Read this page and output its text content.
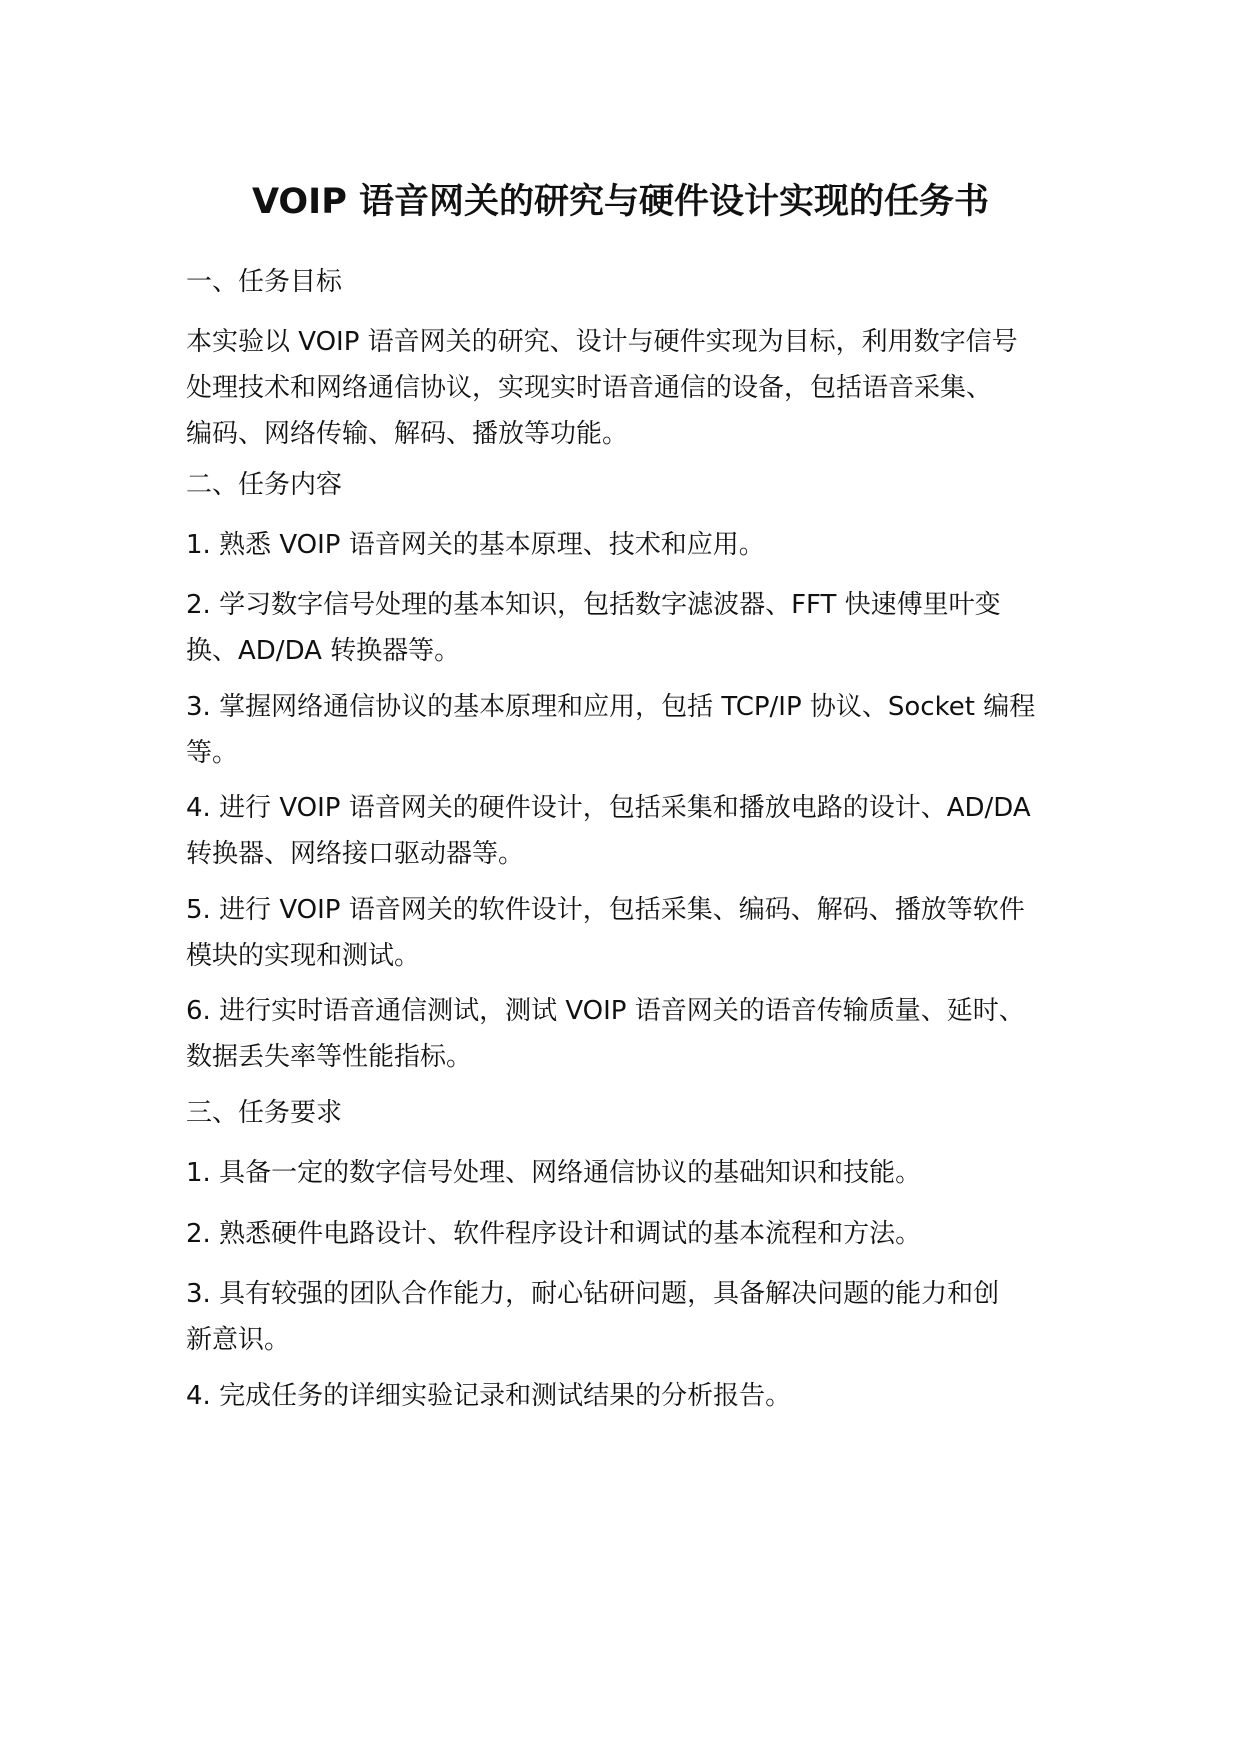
VOIP 语音网关的研究与硬件设计实现的任务书

一、任务目标

本实验以 VOIP 语音网关的研究、设计与硬件实现为目标，利用数字信号
处理技术和网络通信协议，实现实时语音通信的设备，包括语音采集、
编码、网络传输、解码、播放等功能。

二、任务内容

1. 熟悉 VOIP 语音网关的基本原理、技术和应用。

2. 学习数字信号处理的基本知识，包括数字滤波器、FFT 快速傅里叶变
换、AD/DA 转换器等。

3. 掌握网络通信协议的基本原理和应用，包括 TCP/IP 协议、Socket 编程
等。

4. 进行 VOIP 语音网关的硬件设计，包括采集和播放电路的设计、AD/DA
转换器、网络接口驱动器等。

5. 进行 VOIP 语音网关的软件设计，包括采集、编码、解码、播放等软件
模块的实现和测试。

6. 进行实时语音通信测试，测试 VOIP 语音网关的语音传输质量、延时、
数据丢失率等性能指标。

三、任务要求

1. 具备一定的数字信号处理、网络通信协议的基础知识和技能。

2. 熟悉硬件电路设计、软件程序设计和调试的基本流程和方法。

3. 具有较强的团队合作能力，耐心钻研问题，具备解决问题的能力和创
新意识。

4. 完成任务的详细实验记录和测试结果的分析报告。
